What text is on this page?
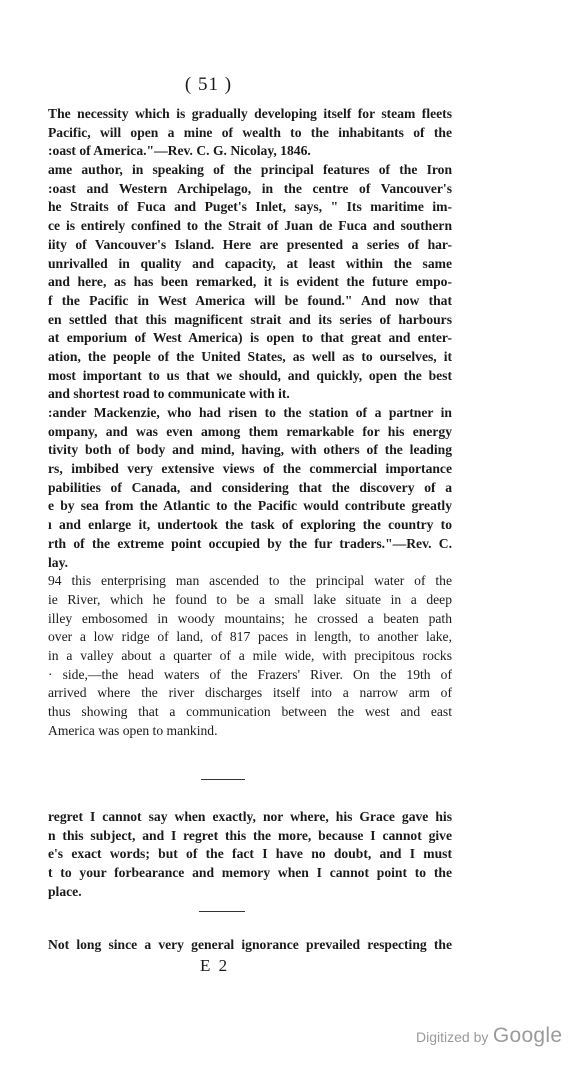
( 51 )
The necessity which is gradually developing itself for steam fleets
Pacific, will open a mine of wealth to the inhabitants of the
:oast of America."—Rev. C. G. Nicolay, 1846.
ame author, in speaking of the principal features of the Iron
:oast and Western Archipelago, in the centre of Vancouver's
he Straits of Fuca and Puget's Inlet, says, " Its maritime im-
ce is entirely confined to the Strait of Juan de Fuca and southern
iity of Vancouver's Island. Here are presented a series of har-
unrivalled in quality and capacity, at least within the same
and here, as has been remarked, it is evident the future empo-
f the Pacific in West America will be found." And now that
en settled that this magnificent strait and its series of harbours
at emporium of West America) is open to that great and enter-
ation, the people of the United States, as well as to ourselves, it
most important to us that we should, and quickly, open the best
and shortest road to communicate with it.
:ander Mackenzie, who had risen to the station of a partner in
ompany, and was even among them remarkable for his energy
tivity both of body and mind, having, with others of the leading
rs, imbibed very extensive views of the commercial importance
pabilities of Canada, and considering that the discovery of a
e by sea from the Atlantic to the Pacific would contribute greatly
ı and enlarge it, undertook the task of exploring the country to
rth of the extreme point occupied by the fur traders."—Rev. C.
lay.
94 this enterprising man ascended to the principal water of the
ie River, which he found to be a small lake situate in a deep
illey embosomed in woody mountains; he crossed a beaten path
over a low ridge of land, of 817 paces in length, to another lake,
in a valley about a quarter of a mile wide, with precipitous rocks
· side,—the head waters of the Frazers' River. On the 19th of
arrived where the river discharges itself into a narrow arm of
thus showing that a communication between the west and east
America was open to mankind.
regret I cannot say when exactly, nor where, his Grace gave his
n this subject, and I regret this the more, because I cannot give
e's exact words; but of the fact I have no doubt, and I must
t to your forbearance and memory when I cannot point to the
place.
Not long since a very general ignorance prevailed respecting the
E 2
Digitized by Google
